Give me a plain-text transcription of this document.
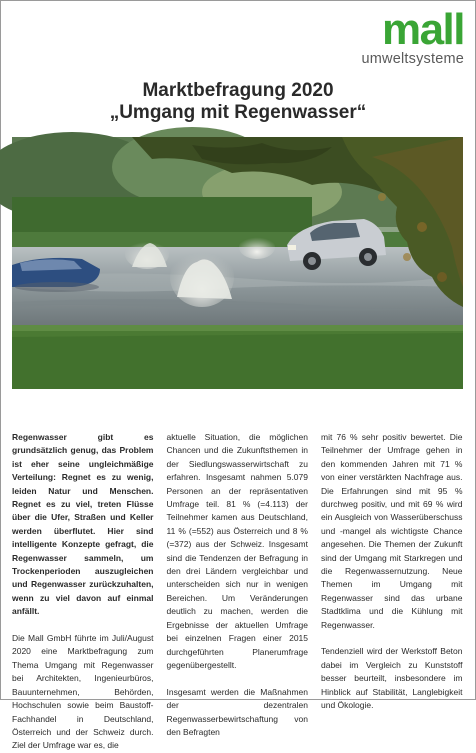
mall
umweltsysteme
Marktbefragung 2020
„Umgang mit Regenwasser“

Regenwasser gibt es grundsätzlich genug, das Problem ist eher seine ungleichmäßige Verteilung: Regnet es zu wenig, leiden Natur und Menschen. Regnet es zu viel, treten Flüsse über die Ufer, Straßen und Keller werden überflutet. Hier sind intelligente Konzepte gefragt, die Regenwasser sammeln, um Trockenperioden auszugleichen und Regenwasser zurückzuhalten, wenn zu viel davon auf einmal anfällt.

Die Mall GmbH führte im Juli/August 2020 eine Marktbefragung zum Thema Umgang mit Regenwasser bei Architekten, Ingenieurbüros, Bauunternehmen, Behörden, Hochschulen sowie beim Baustoff-Fachhandel in Deutschland, Österreich und der Schweiz durch. Ziel der Umfrage war es, die

aktuelle Situation, die möglichen Chancen und die Zukunftsthemen in der Siedlungswasserwirtschaft zu erfahren. Insgesamt nahmen 5.079 Personen an der repräsentativen Umfrage teil. 81 % (=4.113) der Teilnehmer kamen aus Deutschland, 11 % (=552) aus Österreich und 8 % (=372) aus der Schweiz. Insgesamt sind die Tendenzen der Befragung in den drei Ländern vergleichbar und unterscheiden sich nur in wenigen Bereichen. Um Veränderungen deutlich zu machen, werden die Ergebnisse der aktuellen Umfrage bei einzelnen Fragen einer 2015 durchgeführten Planerumfrage gegenübergestellt.

Insgesamt werden die Maßnahmen der dezentralen Regenwasserbewirtschaftung von den Befragten

mit 76 % sehr positiv bewertet. Die Teilnehmer der Umfrage gehen in den kommenden Jahren mit 71 % von einer verstärkten Nachfrage aus. Die Erfahrungen sind mit 95 % durchweg positiv, und mit 69 % wird ein Ausgleich von Wasserüberschuss und -mangel als wichtigste Chance angesehen. Die Themen der Zukunft sind der Umgang mit Starkregen und die Regenwassernutzung. Neue Themen im Umgang mit Regenwasser sind das urbane Stadtklima und die Kühlung mit Regenwasser.

Tendenziell wird der Werkstoff Beton dabei im Vergleich zu Kunststoff besser beurteilt, insbesondere im Hinblick auf Stabilität, Langlebigkeit und Ökologie.
